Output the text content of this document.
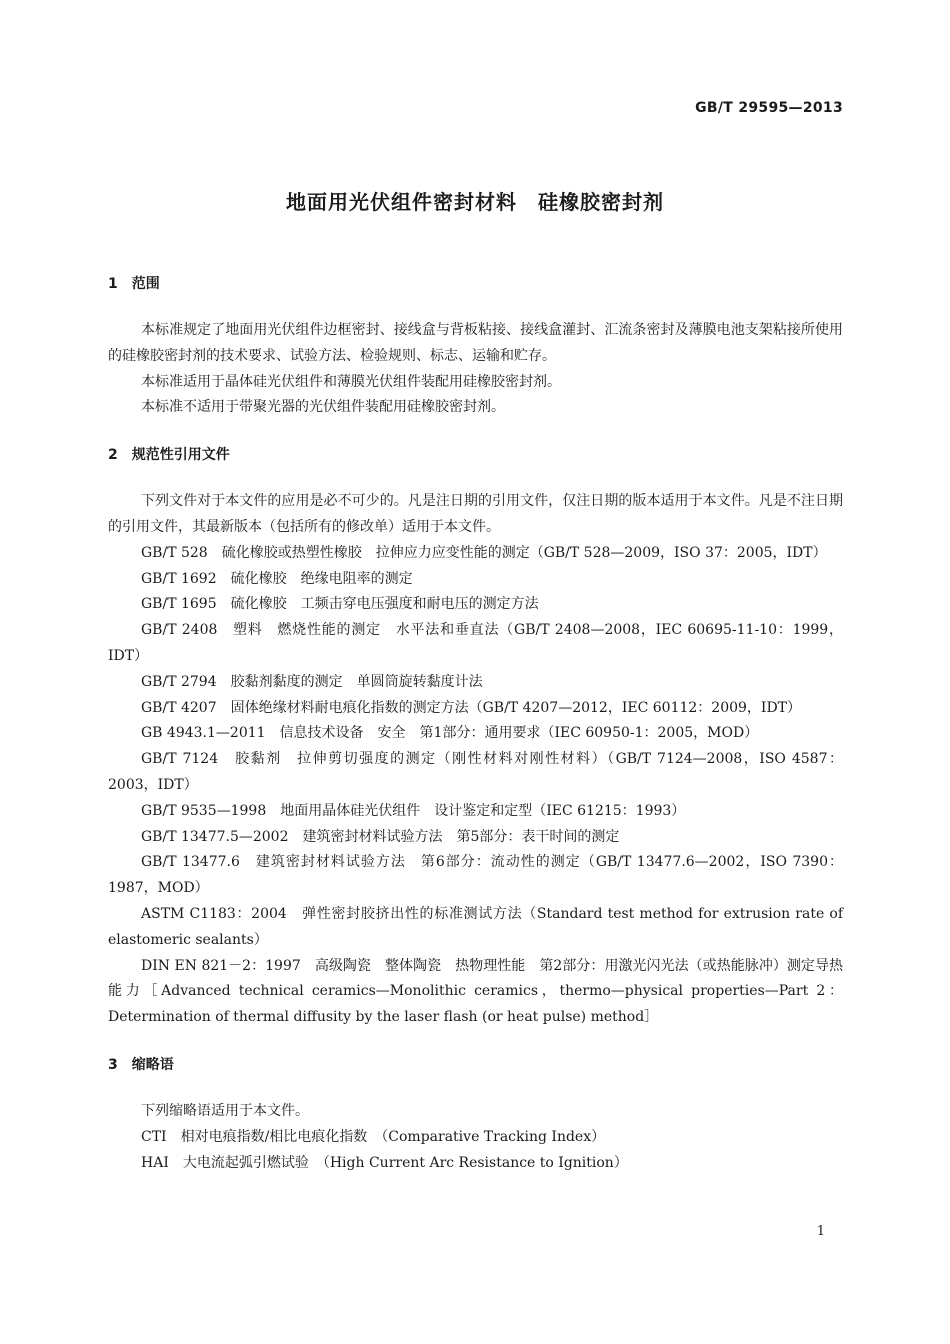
GB/T 29595—2013
地面用光伏组件密封材料　硅橡胶密封剂
1　范围

本标准规定了地面用光伏组件边框密封、接线盒与背板粘接、接线盒灌封、汇流条密封及薄膜电池支架粘接所使用的硅橡胶密封剂的技术要求、试验方法、检验规则、标志、运输和贮存。

本标准适用于晶体硅光伏组件和薄膜光伏组件装配用硅橡胶密封剂。

本标准不适用于带聚光器的光伏组件装配用硅橡胶密封剂。

2　规范性引用文件

下列文件对于本文件的应用是必不可少的。凡是注日期的引用文件，仅注日期的版本适用于本文件。凡是不注日期的引用文件，其最新版本（包括所有的修改单）适用于本文件。

GB/T 528　硫化橡胶或热塑性橡胶　拉伸应力应变性能的测定（GB/T 528—2009，ISO 37：2005，IDT）

GB/T 1692　硫化橡胶　绝缘电阻率的测定

GB/T 1695　硫化橡胶　工频击穿电压强度和耐电压的测定方法

GB/T 2408　塑料　燃烧性能的测定　水平法和垂直法（GB/T 2408—2008，IEC 60695-11-10：1999，IDT）

GB/T 2794　胶黏剂黏度的测定　单圆筒旋转黏度计法

GB/T 4207　固体绝缘材料耐电痕化指数的测定方法（GB/T 4207—2012，IEC 60112：2009，IDT）

GB 4943.1—2011　信息技术设备　安全　第1部分：通用要求（IEC 60950-1：2005，MOD）

GB/T 7124　胶黏剂　拉伸剪切强度的测定（刚性材料对刚性材料）（GB/T 7124—2008，ISO 4587：2003，IDT）

GB/T 9535—1998　地面用晶体硅光伏组件　设计鉴定和定型（IEC 61215：1993）

GB/T 13477.5—2002　建筑密封材料试验方法　第5部分：表干时间的测定

GB/T 13477.6　建筑密封材料试验方法　第6部分：流动性的测定（GB/T 13477.6—2002，ISO 7390：1987，MOD）

ASTM C1183：2004　弹性密封胶挤出性的标准测试方法（Standard test method for extrusion rate of elastomeric sealants）

DIN EN 821－2：1997　高级陶瓷　整体陶瓷　热物理性能　第2部分：用激光闪光法（或热能脉冲）测定导热能力［Advanced technical ceramics—Monolithic ceramics，thermo—physical properties—Part 2：Determination of thermal diffusity by the laser flash (or heat pulse) method］

3　缩略语

下列缩略语适用于本文件。

CTI　相对电痕指数/相比电痕化指数　（Comparative Tracking Index）

HAI　大电流起弧引燃试验　（High Current Arc Resistance to Ignition）

1
